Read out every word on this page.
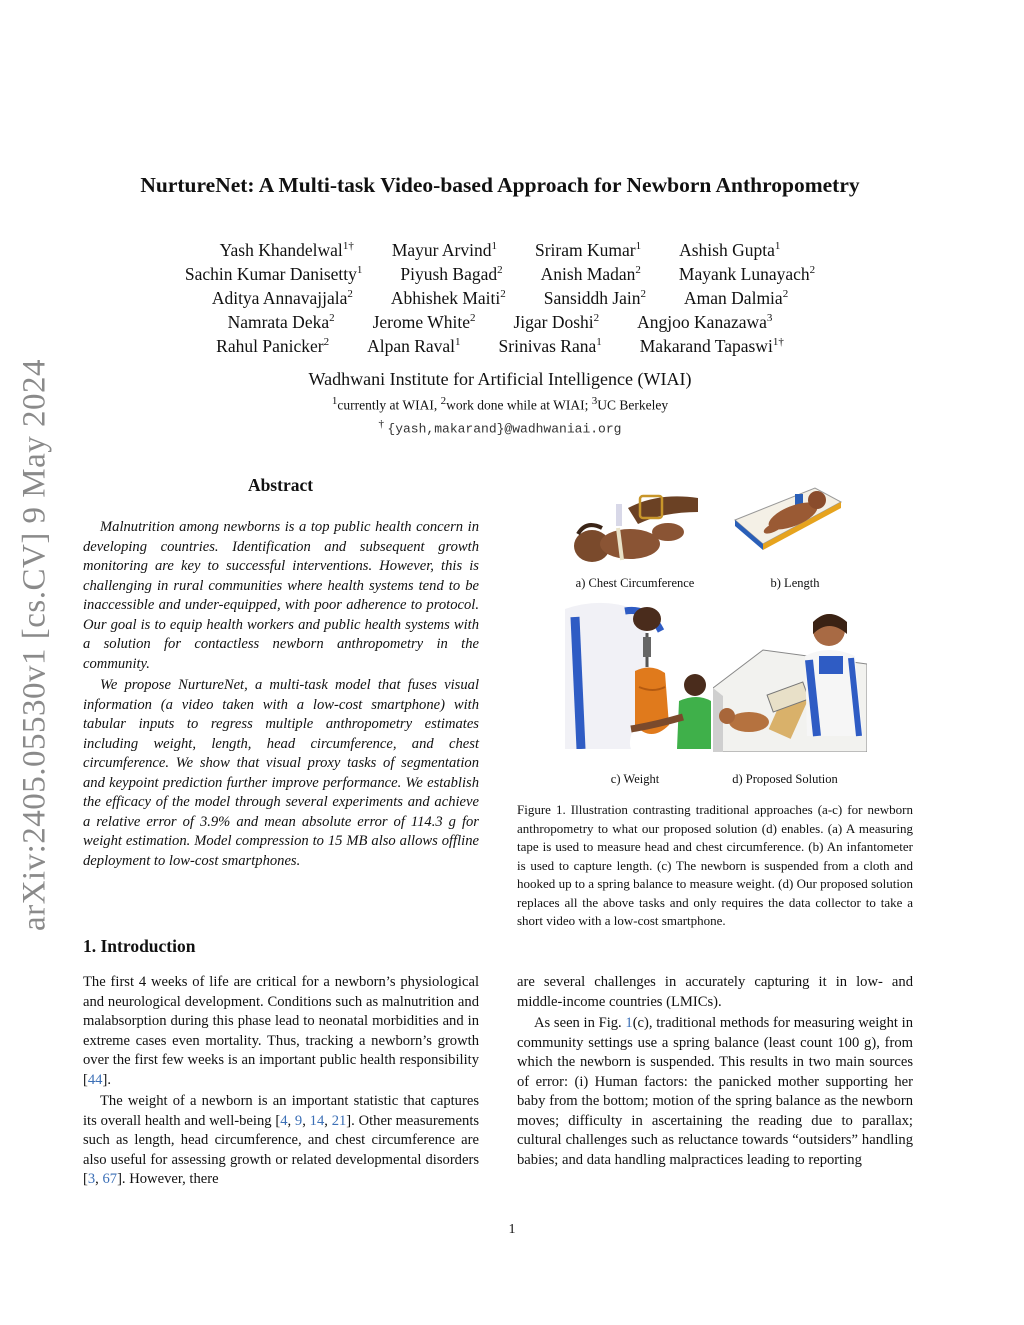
arXiv:2405.05530v1 [cs.CV] 9 May 2024
NurtureNet: A Multi-task Video-based Approach for Newborn Anthropometry
Yash Khandelwal$^{1\dagger}$ Mayur Arvind$^1$ Sriram Kumar$^1$ Ashish Gupta$^1$
Sachin Kumar Danisetty$^1$ Piyush Bagad$^2$ Anish Madan$^2$ Mayank Lunayach$^2$
Aditya Annavajjala$^2$ Abhishek Maiti$^2$ Sansiddh Jain$^2$ Aman Dalmia$^2$
Namrata Deka$^2$ Jerome White$^2$ Jigar Doshi$^2$ Angjoo Kanazawa$^3$
Rahul Panicker$^2$ Alpan Raval$^1$ Srinivas Rana$^1$ Makarand Tapaswi$^{1\dagger}$
Wadhwani Institute for Artificial Intelligence (WIAI)
$^1$currently at WIAI, $^2$work done while at WIAI; $^3$UC Berkeley
† {yash,makarand}@wadhwaniai.org
Abstract

Malnutrition among newborns is a top public health concern in developing countries. Identification and subsequent growth monitoring are key to successful interventions. However, this is challenging in rural communities where health systems tend to be inaccessible and under-equipped, with poor adherence to protocol. Our goal is to equip health workers and public health systems with a solution for contactless newborn anthropometry in the community.

We propose NurtureNet, a multi-task model that fuses visual information (a video taken with a low-cost smartphone) with tabular inputs to regress multiple anthropometry estimates including weight, length, head circumference, and chest circumference. We show that visual proxy tasks of segmentation and keypoint prediction further improve performance. We establish the efficacy of the model through several experiments and achieve a relative error of 3.9% and mean absolute error of 114.3 g for weight estimation. Model compression to 15 MB also allows offline deployment to low-cost smartphones.

1. Introduction

The first 4 weeks of life are critical for a newborn’s physiological and neurological development. Conditions such as malnutrition and malabsorption during this phase lead to neonatal morbidities and in extreme cases even mortality. Thus, tracking a newborn’s growth over the first few weeks is an important public health responsibility [44].

The weight of a newborn is an important statistic that captures its overall health and well-being [4, 9, 14, 21]. Other measurements such as length, head circumference, and chest circumference are also useful for assessing growth or related developmental disorders [3, 67]. However, there

are several challenges in accurately capturing it in low- and middle-income countries (LMICs).

As seen in Fig. 1(c), traditional methods for measuring weight in community settings use a spring balance (least count 100 g), from which the newborn is suspended. This results in two main sources of error: (i) Human factors: the panicked mother supporting her baby from the bottom; motion of the spring balance as the newborn moves; difficulty in ascertaining the reading due to parallax; cultural challenges such as reluctance towards “outsiders” handling babies; and data handling malpractices leading to reporting

a) Chest Circumference	b) Length
c) Weight	d) Proposed Solution

Figure 1. Illustration contrasting traditional approaches (a-c) for newborn anthropometry to what our proposed solution (d) enables. (a) A measuring tape is used to measure head and chest circumference. (b) An infantometer is used to capture length. (c) The newborn is suspended from a cloth and hooked up to a spring balance to measure weight. (d) Our proposed solution replaces all the above tasks and only requires the data collector to take a short video with a low-cost smartphone.

1
